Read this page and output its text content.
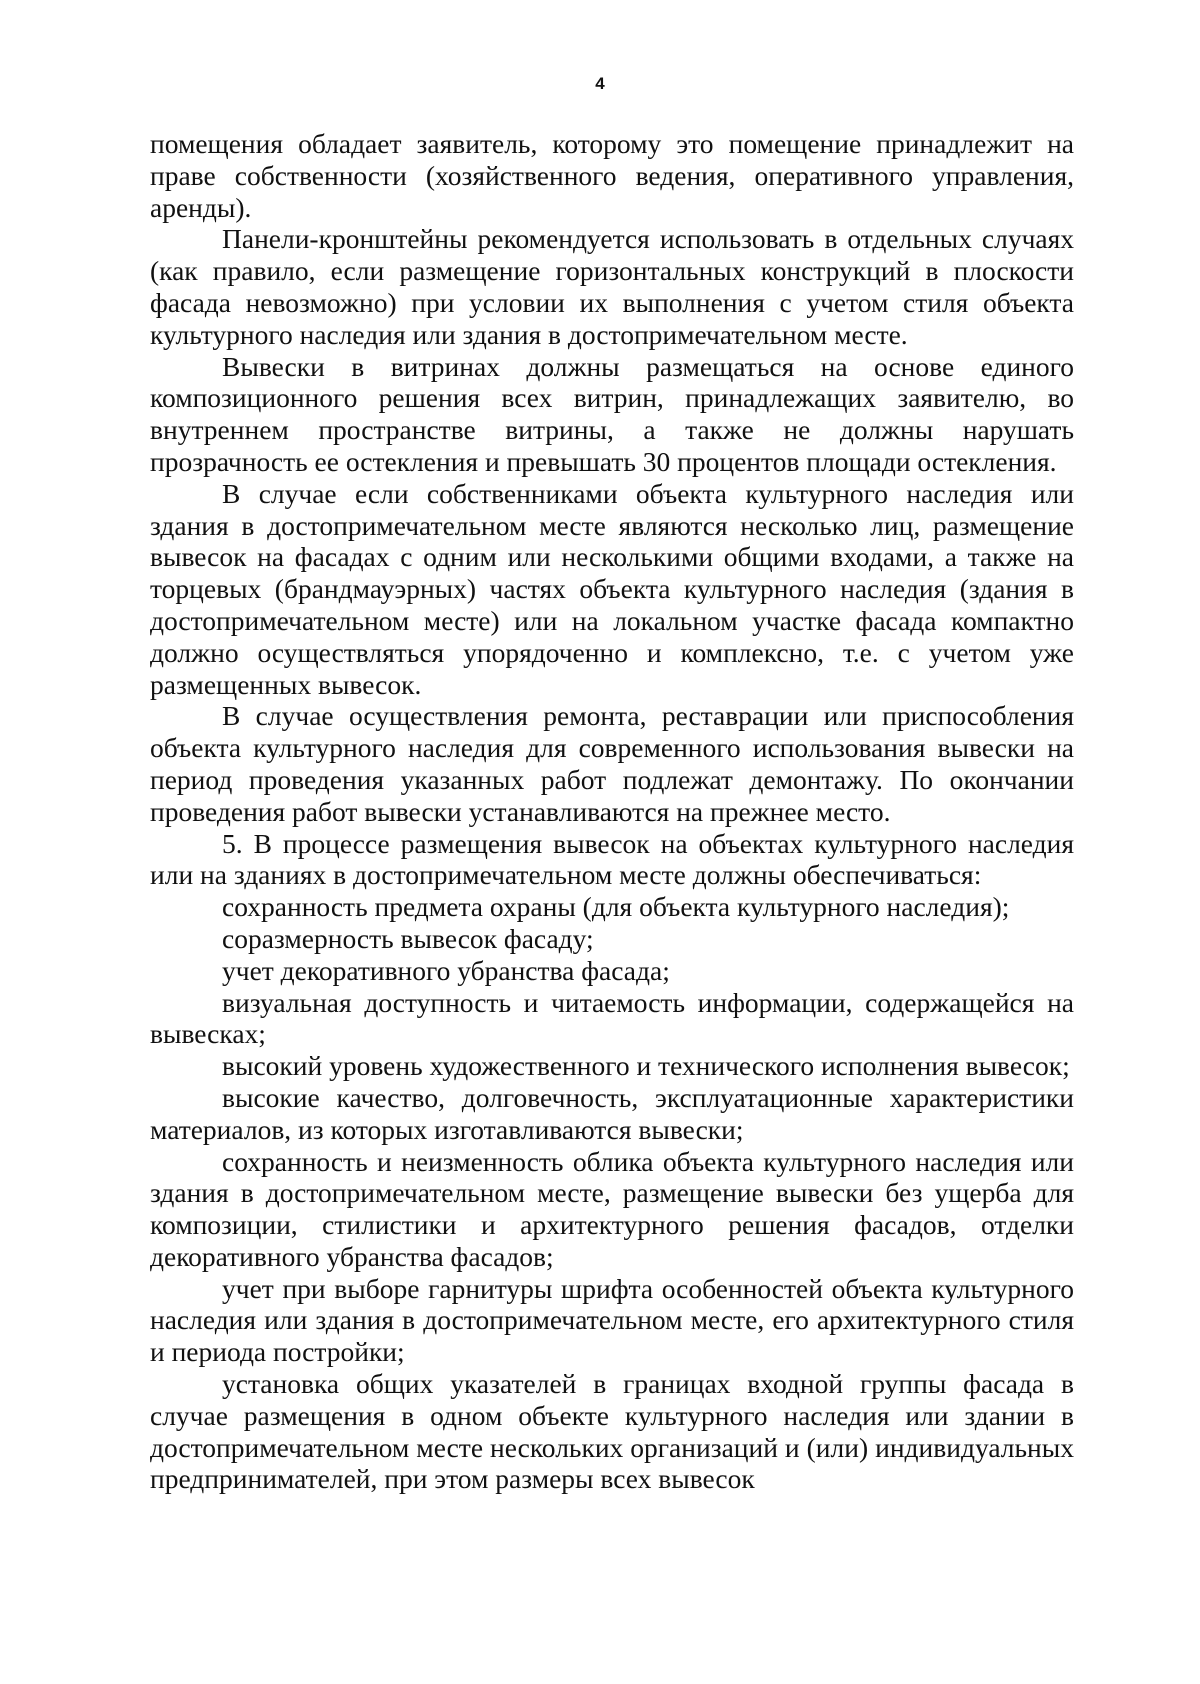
4

помещения обладает заявитель, которому это помещение принадлежит на праве собственности (хозяйственного ведения, оперативного управления, аренды).

Панели-кронштейны рекомендуется использовать в отдельных случаях (как правило, если размещение горизонтальных конструкций в плоскости фасада невозможно) при условии их выполнения с учетом стиля объекта культурного наследия или здания в достопримечательном месте.

Вывески в витринах должны размещаться на основе единого композиционного решения всех витрин, принадлежащих заявителю, во внутреннем пространстве витрины, а также не должны нарушать прозрачность ее остекления и превышать 30 процентов площади остекления.

В случае если собственниками объекта культурного наследия или здания в достопримечательном месте являются несколько лиц, размещение вывесок на фасадах с одним или несколькими общими входами, а также на торцевых (брандмауэрных) частях объекта культурного наследия (здания в достопримечательном месте) или на локальном участке фасада компактно должно осуществляться упорядоченно и комплексно, т.е. с учетом уже размещенных вывесок.

В случае осуществления ремонта, реставрации или приспособления объекта культурного наследия для современного использования вывески на период проведения указанных работ подлежат демонтажу. По окончании проведения работ вывески устанавливаются на прежнее место.

5. В процессе размещения вывесок на объектах культурного наследия или на зданиях в достопримечательном месте должны обеспечиваться:

сохранность предмета охраны (для объекта культурного наследия);

соразмерность вывесок фасаду;

учет декоративного убранства фасада;

визуальная доступность и читаемость информации, содержащейся на вывесках;

высокий уровень художественного и технического исполнения вывесок;

высокие качество, долговечность, эксплуатационные характеристики материалов, из которых изготавливаются вывески;

сохранность и неизменность облика объекта культурного наследия или здания в достопримечательном месте, размещение вывески без ущерба для композиции, стилистики и архитектурного решения фасадов, отделки декоративного убранства фасадов;

учет при выборе гарнитуры шрифта особенностей объекта культурного наследия или здания в достопримечательном месте, его архитектурного стиля и периода постройки;

установка общих указателей в границах входной группы фасада в случае размещения в одном объекте культурного наследия или здании в достопримечательном месте нескольких организаций и (или) индивидуальных предпринимателей, при этом размеры всех вывесок
